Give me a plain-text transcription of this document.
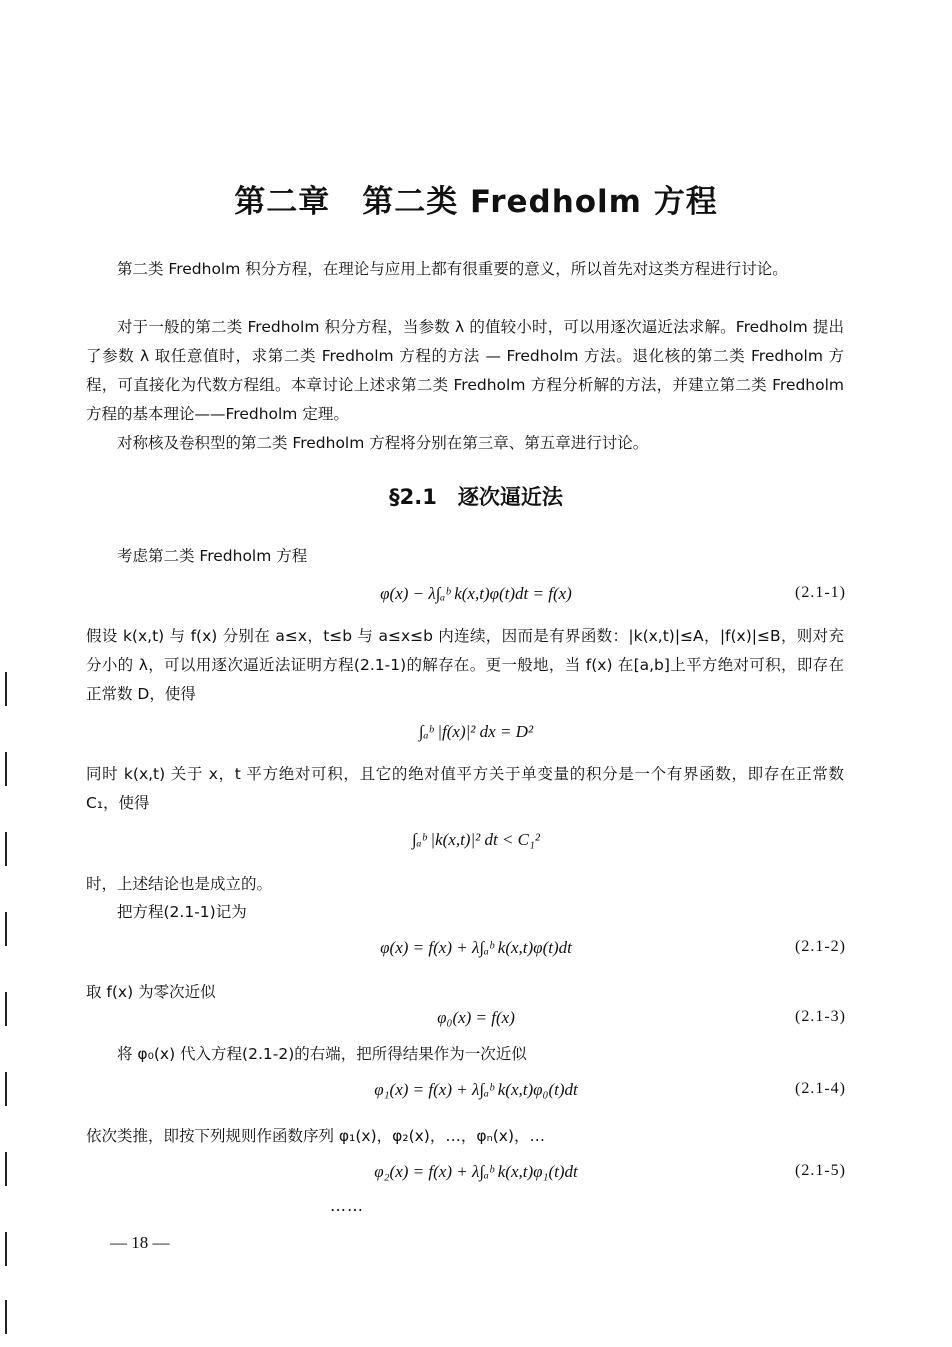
第二章　第二类 Fredholm 方程
第二类 Fredholm 积分方程，在理论与应用上都有很重要的意义，所以首先对这类方程进行讨论。
对于一般的第二类 Fredholm 积分方程，当参数 λ 的值较小时，可以用逐次逼近法求解。Fredholm 提出了参数 λ 取任意值时，求第二类 Fredholm 方程的方法 — Fredholm 方法。退化核的第二类 Fredholm 方程，可直接化为代数方程组。本章讨论上述求第二类 Fredholm 方程分析解的方法，并建立第二类 Fredholm 方程的基本理论——Fredholm 定理。
对称核及卷积型的第二类 Fredholm 方程将分别在第三章、第五章进行讨论。
§2.1　逐次逼近法
考虑第二类 Fredholm 方程
φ(x) − λ∫ₐᵇ k(x,t)φ(t)dt = f(x)	(2.1-1)
假设 k(x,t) 与 f(x) 分别在 a≤x，t≤b 与 a≤x≤b 内连续，因而是有界函数：|k(x,t)|≤A，|f(x)|≤B，则对充分小的 λ，可以用逐次逼近法证明方程(2.1-1)的解存在。更一般地，当 f(x) 在[a,b]上平方绝对可积，即存在正常数 D，使得
∫ₐᵇ |f(x)|² dx = D²
同时 k(x,t) 关于 x，t 平方绝对可积，且它的绝对值平方关于单变量的积分是一个有界函数，即存在正常数 C₁，使得
∫ₐᵇ |k(x,t)|² dt < C₁²
时，上述结论也是成立的。
把方程(2.1-1)记为
φ(x) = f(x) + λ∫ₐᵇ k(x,t)φ(t)dt	(2.1-2)
取 f(x) 为零次近似
φ₀(x) = f(x)	(2.1-3)
将 φ₀(x) 代入方程(2.1-2)的右端，把所得结果作为一次近似
φ₁(x) = f(x) + λ∫ₐᵇ k(x,t)φ₀(t)dt	(2.1-4)
依次类推，即按下列规则作函数序列 φ₁(x)，φ₂(x)，…，φₙ(x)，…
φ₂(x) = f(x) + λ∫ₐᵇ k(x,t)φ₁(t)dt	(2.1-5)
……
— 18 —
